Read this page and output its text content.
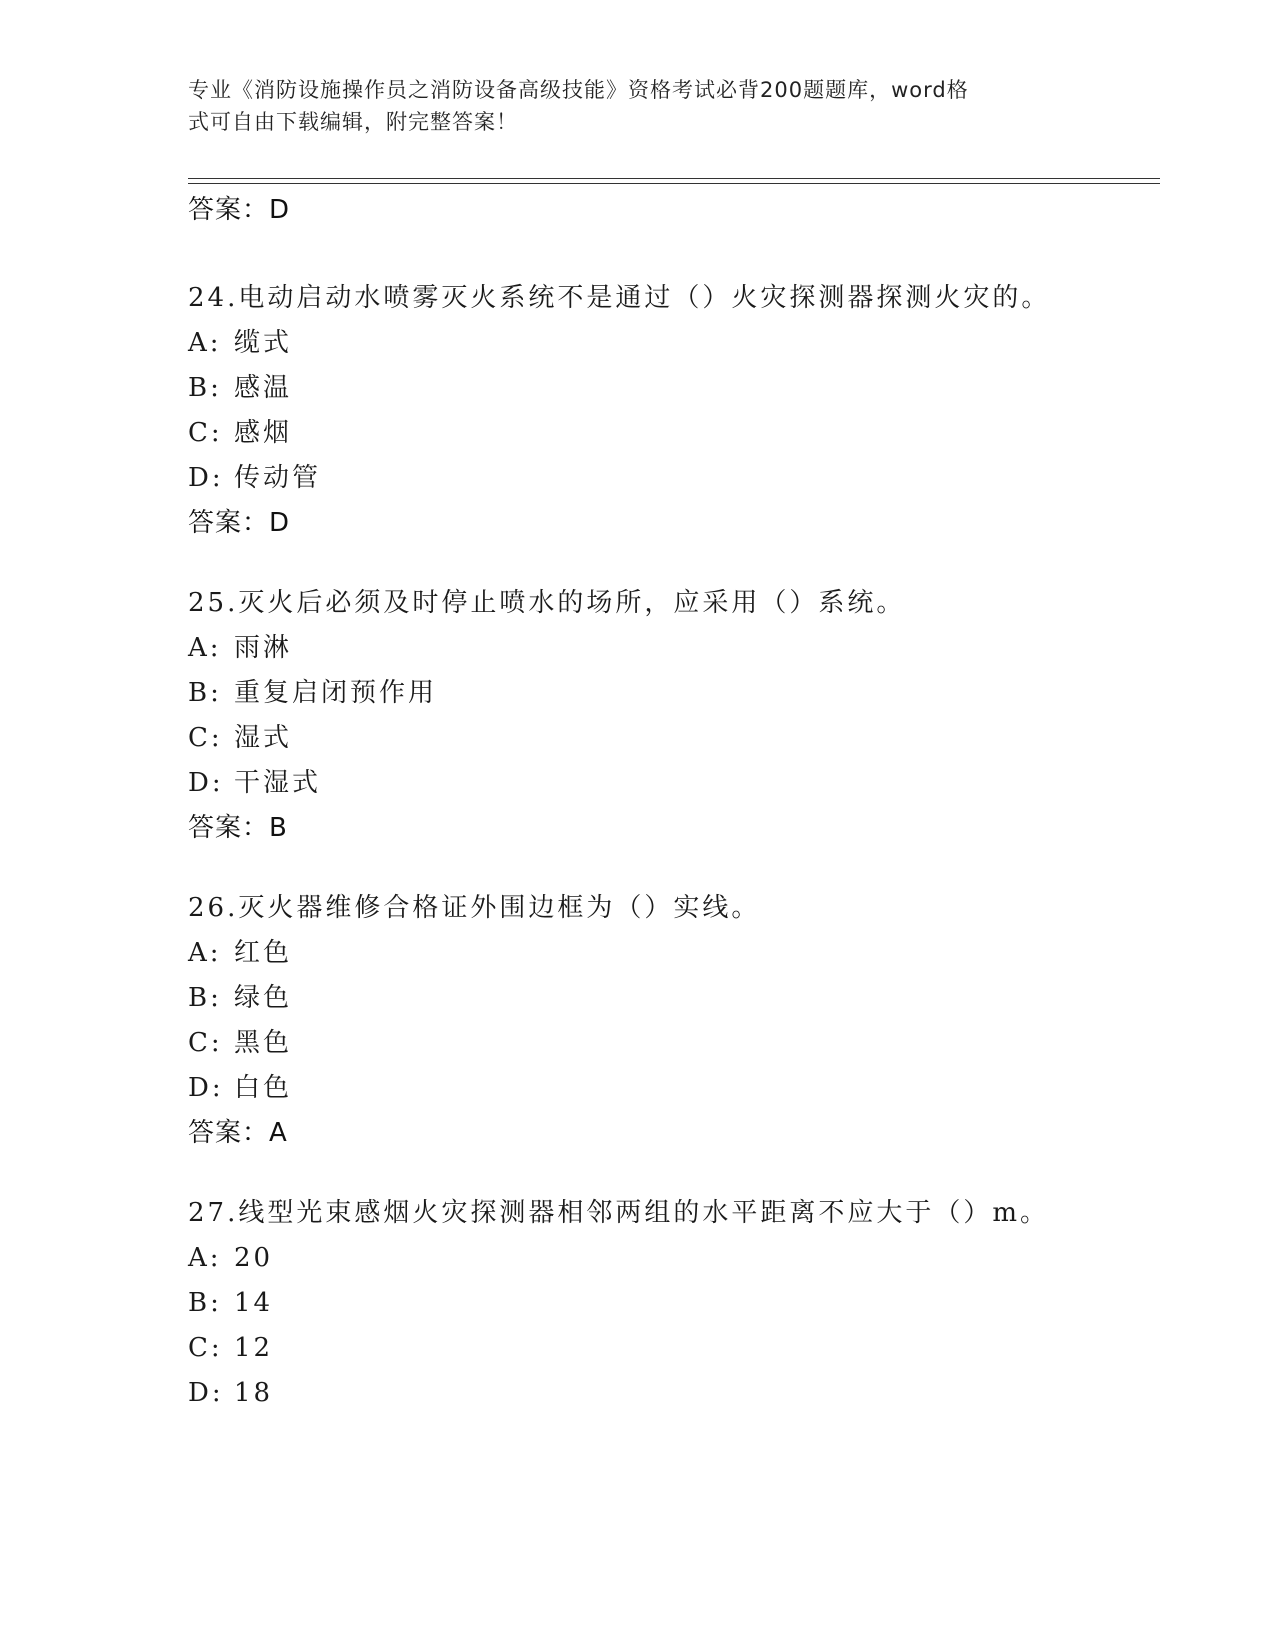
专业《消防设施操作员之消防设备高级技能》资格考试必背200题题库，word格
式可自由下载编辑，附完整答案！
答案：D
24.电动启动水喷雾灭火系统不是通过（）火灾探测器探测火灾的。
A: 缆式
B: 感温
C: 感烟
D: 传动管
答案：D
25.灭火后必须及时停止喷水的场所，应采用（）系统。
A: 雨淋
B: 重复启闭预作用
C: 湿式
D: 干湿式
答案：B
26.灭火器维修合格证外围边框为（）实线。
A: 红色
B: 绿色
C: 黑色
D: 白色
答案：A
27.线型光束感烟火灾探测器相邻两组的水平距离不应大于（）m。
A: 20
B: 14
C: 12
D: 18
